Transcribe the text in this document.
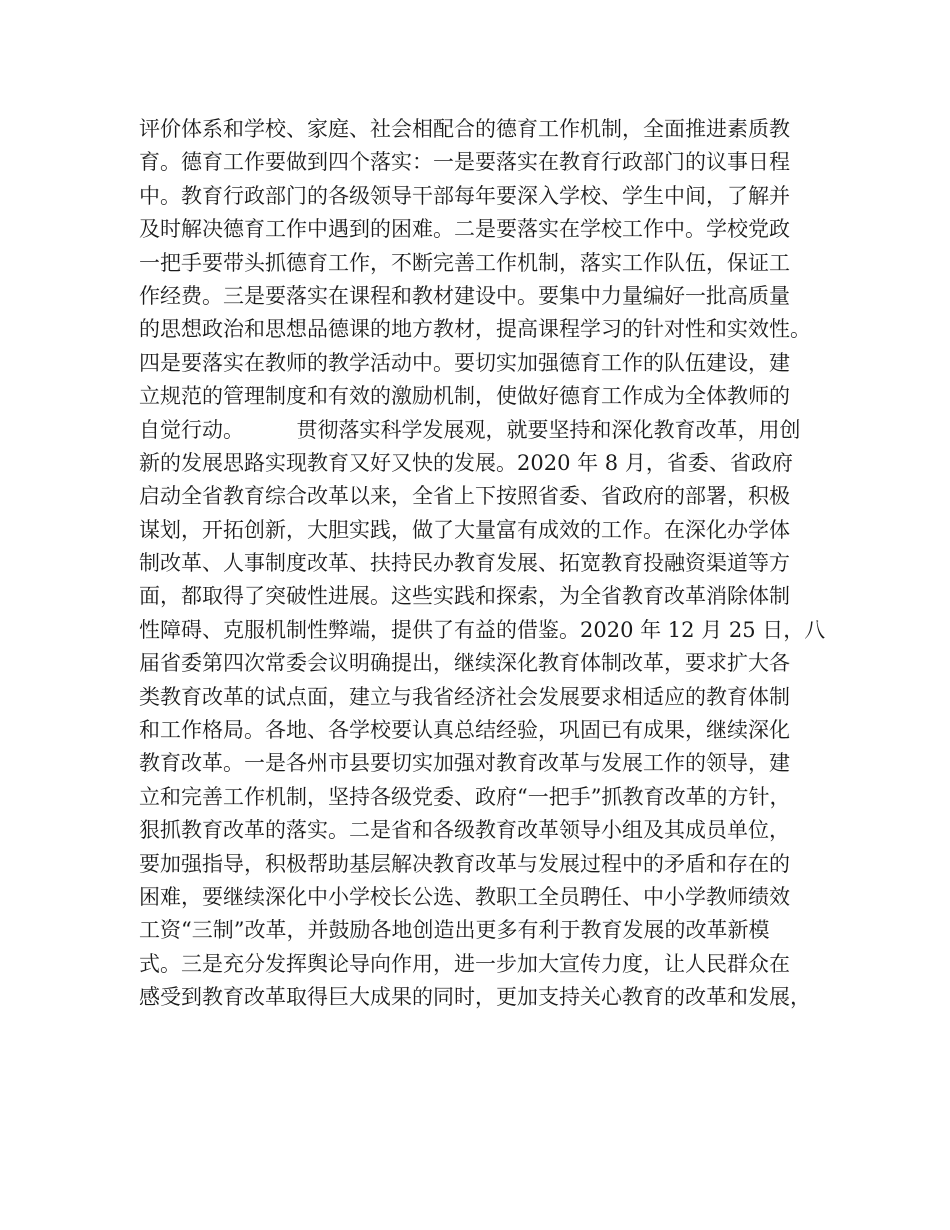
评价体系和学校、家庭、社会相配合的德育工作机制，全面推进素质教
育。德育工作要做到四个落实：一是要落实在教育行政部门的议事日程
中。教育行政部门的各级领导干部每年要深入学校、学生中间，了解并
及时解决德育工作中遇到的困难。二是要落实在学校工作中。学校党政
一把手要带头抓德育工作，不断完善工作机制，落实工作队伍，保证工
作经费。三是要落实在课程和教材建设中。要集中力量编好一批高质量
的思想政治和思想品德课的地方教材，提高课程学习的针对性和实效性。
四是要落实在教师的教学活动中。要切实加强德育工作的队伍建设，建
立规范的管理制度和有效的激励机制，使做好德育工作成为全体教师的
自觉行动。　　　贯彻落实科学发展观，就要坚持和深化教育改革，用创
新的发展思路实现教育又好又快的发展。2020 年 8 月，省委、省政府
启动全省教育综合改革以来，全省上下按照省委、省政府的部署，积极
谋划，开拓创新，大胆实践，做了大量富有成效的工作。在深化办学体
制改革、人事制度改革、扶持民办教育发展、拓宽教育投融资渠道等方
面，都取得了突破性进展。这些实践和探索，为全省教育改革消除体制
性障碍、克服机制性弊端，提供了有益的借鉴。2020 年 12 月 25 日，八
届省委第四次常委会议明确提出，继续深化教育体制改革，要求扩大各
类教育改革的试点面，建立与我省经济社会发展要求相适应的教育体制
和工作格局。各地、各学校要认真总结经验，巩固已有成果，继续深化
教育改革。一是各州市县要切实加强对教育改革与发展工作的领导，建
立和完善工作机制，坚持各级党委、政府“一把手”抓教育改革的方针，
狠抓教育改革的落实。二是省和各级教育改革领导小组及其成员单位，
要加强指导，积极帮助基层解决教育改革与发展过程中的矛盾和存在的
困难，要继续深化中小学校长公选、教职工全员聘任、中小学教师绩效
工资“三制”改革，并鼓励各地创造出更多有利于教育发展的改革新模
式。三是充分发挥舆论导向作用，进一步加大宣传力度，让人民群众在
感受到教育改革取得巨大成果的同时，更加支持关心教育的改革和发展，
